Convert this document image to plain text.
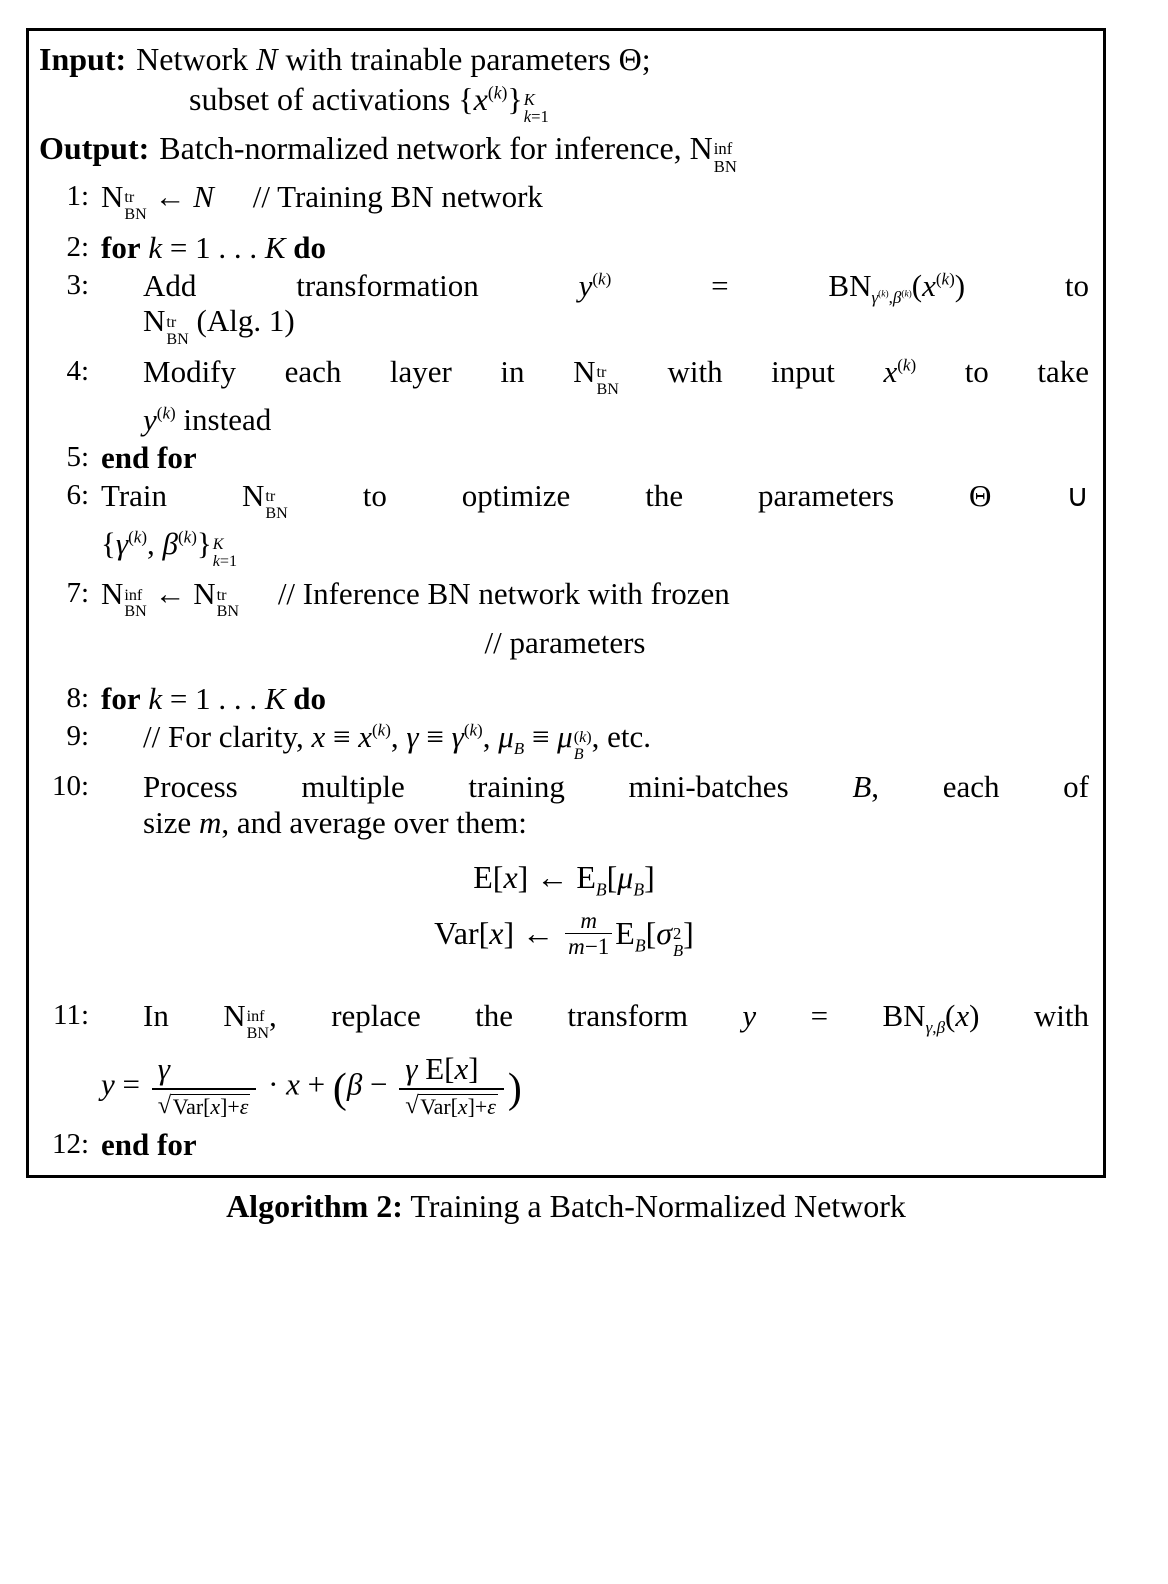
Input: Network N with trainable parameters Θ;
subset of activations $\{x^{(k)}\}$ K
k=1
Output: Batch-normalized network for inference, N inf
BN
1: N tr
BN
← N     // Training BN network
2: for k = 1 . . . K do
3:	Add transformation $y^{(k)} = BN_{\gamma^{(k)},\beta^{(k)}}(x^{(k)})$ to
N tr
BN
(Alg. 1)
4:	Modify each layer in N tr
BN
with input $x^{(k)}$ to take
$y^{(k)}$ instead
5: end for
6: Train N tr
BN
to optimize the parameters Θ ∪
{$\gamma^{(k)}$, $\beta^{(k)}$} K
k=1
7: N inf
BN
← N tr
BN
// Inference BN network with frozen
// parameters
8: for k = 1 . . . K do
9:	// For clarity, $x \equiv x^{(k)}$, $\gamma \equiv \gamma^{(k)}$, $\mu_B \equiv \mu$ (k)
B
, etc.
10:	Process multiple training mini-batches B, each of
size m, and average over them:
E[x] ← $E_B[\mu_B]$
Var[x] ← $\frac{m}{m-1} E_B[\sigma$ 2
B ]
11:	In N inf
BN
, replace the transform $y = BN_{\gamma,\beta}(x)$ with
y = γ
√ Var[x]+ε
· x + (β − γ E[x]
√ Var[x]+ε )
12: end for
Algorithm 2: Training a Batch-Normalized Network
